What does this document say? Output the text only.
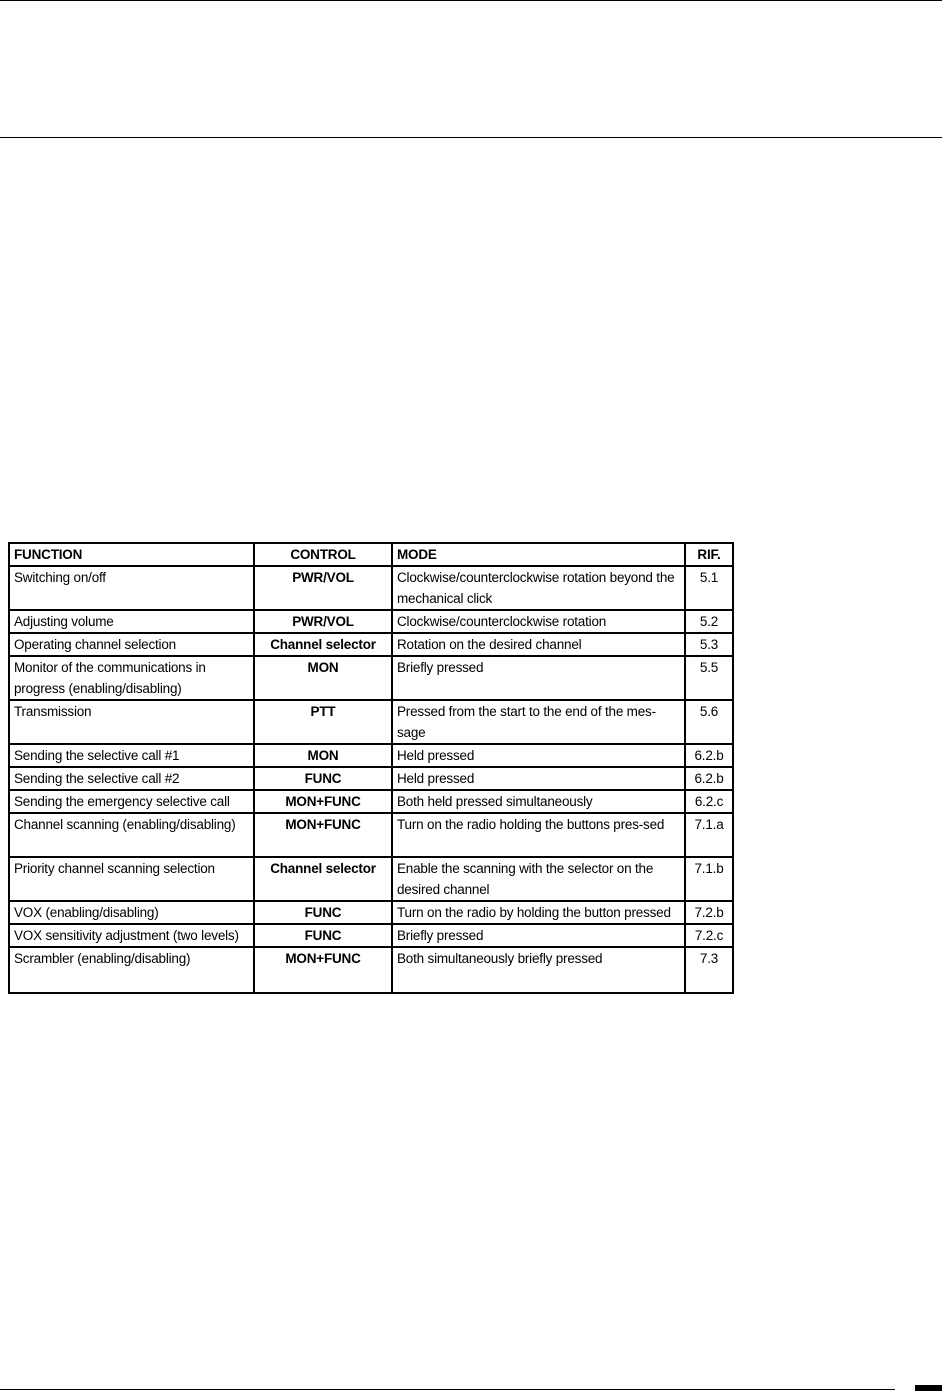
FUNCTION	CONTROL	MODE	RIF.
Switching on/off	PWR/VOL	Clockwise/counterclockwise rotation beyond the mechanical click	5.1
Adjusting volume	PWR/VOL	Clockwise/counterclockwise rotation	5.2
Operating channel selection	Channel selector	Rotation on the desired channel	5.3
Monitor of the communications in progress (enabling/disabling)	MON	Briefly pressed	5.5
Transmission	PTT	Pressed from the start to the end of the mes-sage	5.6
Sending the selective call #1	MON	Held pressed	6.2.b
Sending the selective call #2	FUNC	Held pressed	6.2.b
Sending the emergency selective call	MON+FUNC	Both held pressed simultaneously	6.2.c
Channel scanning (enabling/disabling)	MON+FUNC	Turn on the radio holding the buttons pres-sed	7.1.a
Priority channel scanning selection	Channel selector	Enable the scanning with the selector on the desired channel	7.1.b
VOX (enabling/disabling)	FUNC	Turn on the radio by holding the button pressed	7.2.b
VOX sensitivity adjustment (two levels)	FUNC	Briefly pressed	7.2.c
Scrambler (enabling/disabling)	MON+FUNC	Both simultaneously briefly pressed	7.3
